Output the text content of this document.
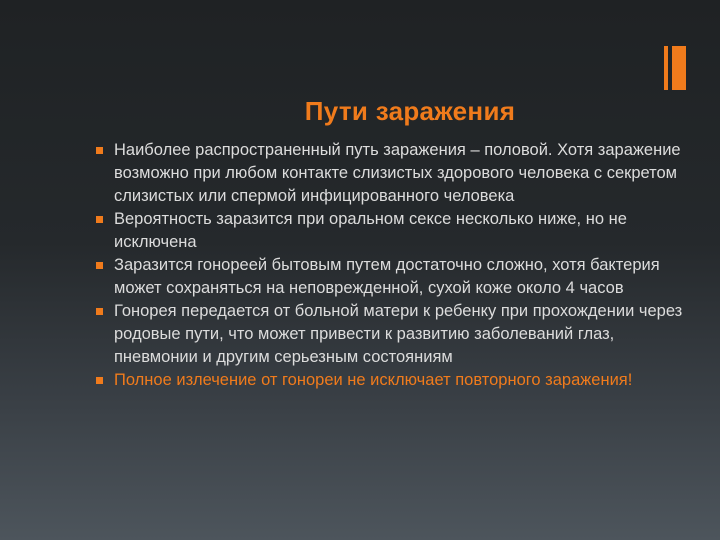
Пути заражения
Наиболее распространенный путь заражения – половой. Хотя заражение возможно при любом контакте слизистых здорового человека с секретом слизистых или спермой инфицированного человека
Вероятность заразится при оральном сексе несколько ниже, но не исключена
Заразится гонореей бытовым путем достаточно сложно, хотя бактерия может сохраняться на неповрежденной, сухой коже около 4 часов
Гонорея передается от больной матери к ребенку при прохождении через родовые пути, что может привести к развитию заболеваний глаз, пневмонии и другим серьезным состояниям
Полное излечение от гонореи не исключает повторного заражения!
